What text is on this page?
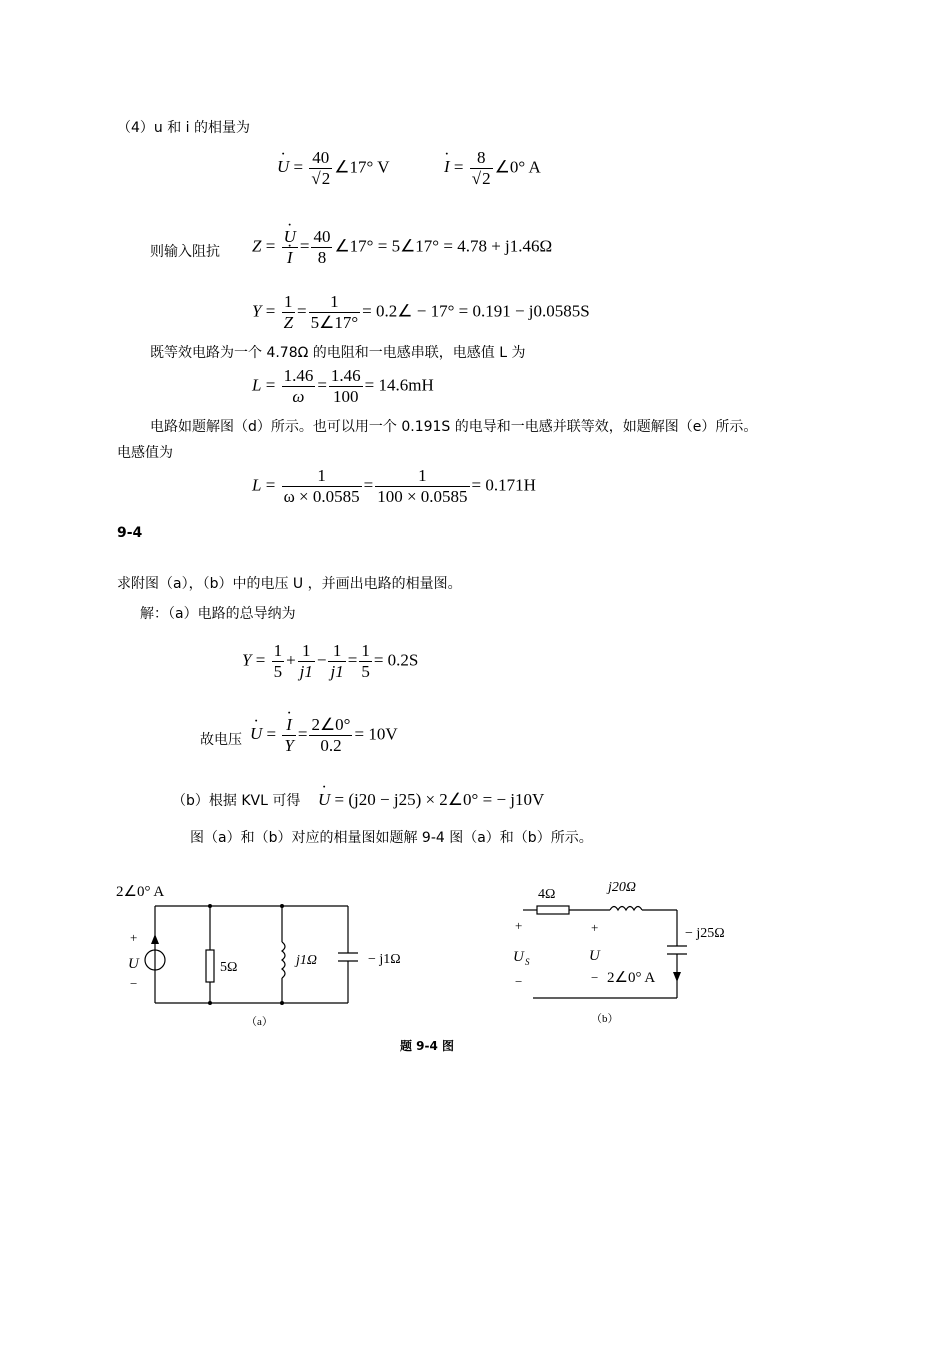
（4）u 和 i 的相量为
· $U = \frac{40}{√2}$ ∠17° V	· $I = \frac{8}{√2}$ ∠0° A
则输入阻抗 Z = · U
· $I = \frac{40}{8}$ ∠17° = 5∠17° = 4.78 + j1.46Ω
$Y = \frac{1}{Z} = \frac{1}{5\angle 17^\circ}$ = 0.2∠ − 17° = 0.191 − j0.0585S
既等效电路为一个 4.78Ω 的电阻和一电感串联，电感值 L 为
$L = \frac{1.46}{\omega} = \frac{1.46}{100} = 14.6mH$
电路如题解图（d）所示。也可以用一个 0.191S 的电导和一电感并联等效，如题解图（e）所示。
电感值为
$L = \frac{1}{\omega \times 0.0585} = \frac{1}{100 \times 0.0585} = 0.171H$
9-4
求附图（a），（b）中的电压 U ，并画出电路的相量图。
解：（a）电路的总导纳为
$Y = \frac{1}{5} + \frac{1}{j1} - \frac{1}{j1} = \frac{1}{5} = 0.2S$
故电压 · U = · $\frac{I}{Y} = \frac{2\angle 0^\circ}{0.2} = 10V$
（b）根据 KVL 可得 · U = (j20 − j25) × 2∠0° = − j10V
图（a）和（b）对应的相量图如题解 9-4 图（a）和（b）所示。
2∠0° A
+
U
−
5Ω	j1Ω	− j1Ω
（a）
4Ω	j20Ω
− j25Ω
+
U S
−
+
U
− 2∠0° A
（b）
题 9-4 图
